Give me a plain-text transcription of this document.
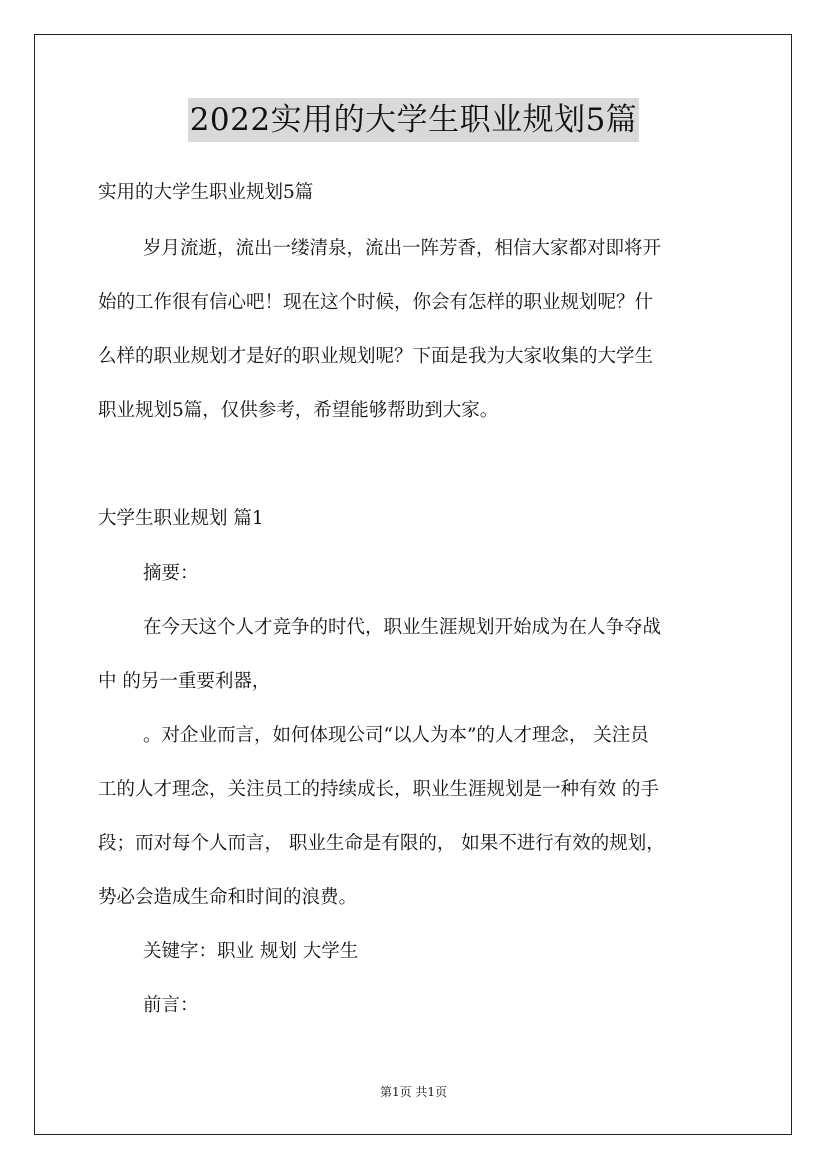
2022实用的大学生职业规划5篇
实用的大学生职业规划5篇
岁月流逝，流出一缕清泉，流出一阵芳香，相信大家都对即将开
始的工作很有信心吧！现在这个时候，你会有怎样的职业规划呢？什
么样的职业规划才是好的职业规划呢？下面是我为大家收集的大学生
职业规划5篇，仅供参考，希望能够帮助到大家。
大学生职业规划 篇1
摘要：
在今天这个人才竞争的时代，职业生涯规划开始成为在人争夺战
中 的另一重要利器，
。对企业而言，如何体现公司“以人为本”的人才理念， 关注员
工的人才理念，关注员工的持续成长，职业生涯规划是一种有效 的手
段；而对每个人而言， 职业生命是有限的， 如果不进行有效的规划，
势必会造成生命和时间的浪费。
关键字：职业 规划 大学生
前言：
第1页 共1页
